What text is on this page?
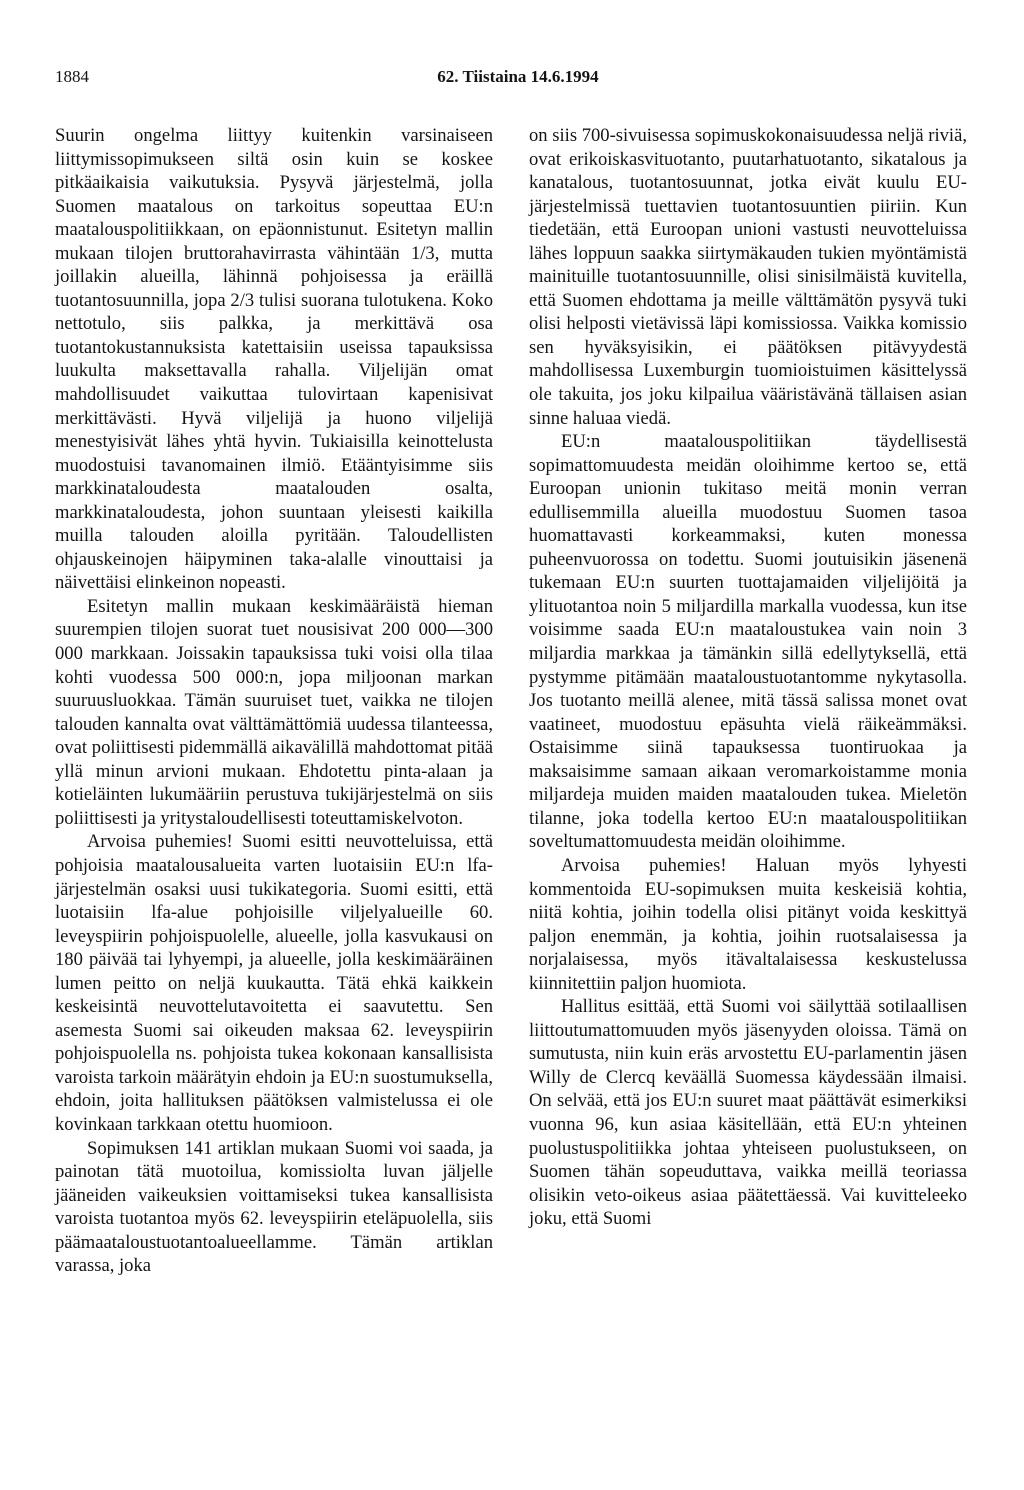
1884	62. Tiistaina 14.6.1994

Suurin ongelma liittyy kuitenkin varsinaiseen liittymissopimukseen siltä osin kuin se koskee pitkäaikaisia vaikutuksia. Pysyvä järjestelmä, jolla Suomen maatalous on tarkoitus sopeuttaa EU:n maatalouspolitiikkaan, on epäonnistunut. Esitetyn mallin mukaan tilojen bruttorahavirrasta vähintään 1/3, mutta joillakin alueilla, lähinnä pohjoisessa ja eräillä tuotantosuunnilla, jopa 2/3 tulisi suorana tulotukena. Koko nettotulo, siis palkka, ja merkittävä osa tuotantokustannuksista katettaisiin useissa tapauksissa luukulta maksettavalla rahalla. Viljelijän omat mahdollisuudet vaikuttaa tulovirtaan kapenisivat merkittävästi. Hyvä viljelijä ja huono viljelijä menestyisivät lähes yhtä hyvin. Tukiaisilla keinottelusta muodostuisi tavanomainen ilmiö. Etääntyisimme siis markkinataloudesta maatalouden osalta, markkinataloudesta, johon suuntaan yleisesti kaikilla muilla talouden aloilla pyritään. Taloudellisten ohjauskeinojen häipyminen taka-alalle vinouttaisi ja näivettäisi elinkeinon nopeasti.

Esitetyn mallin mukaan keskimääräistä hieman suurempien tilojen suorat tuet nousisivat 200 000—300 000 markkaan. Joissakin tapauksissa tuki voisi olla tilaa kohti vuodessa 500 000:n, jopa miljoonan markan suuruusluokkaa. Tämän suuruiset tuet, vaikka ne tilojen talouden kannalta ovat välttämättömiä uudessa tilanteessa, ovat poliittisesti pidemmällä aikavälillä mahdottomat pitää yllä minun arvioni mukaan. Ehdotettu pinta-alaan ja kotieläinten lukumääriin perustuva tukijärjestelmä on siis poliittisesti ja yritystaloudellisesti toteuttamiskelvoton.

Arvoisa puhemies! Suomi esitti neuvotteluissa, että pohjoisia maatalousalueita varten luotaisiin EU:n lfa-järjestelmän osaksi uusi tukikategoria. Suomi esitti, että luotaisiin lfa-alue pohjoisille viljelyalueille 60. leveyspiirin pohjoispuolelle, alueelle, jolla kasvukausi on 180 päivää tai lyhyempi, ja alueelle, jolla keskimääräinen lumen peitto on neljä kuukautta. Tätä ehkä kaikkein keskeisintä neuvottelutavoitetta ei saavutettu. Sen asemesta Suomi sai oikeuden maksaa 62. leveyspiirin pohjoispuolella ns. pohjoista tukea kokonaan kansallisista varoista tarkoin määrätyin ehdoin ja EU:n suostumuksella, ehdoin, joita hallituksen päätöksen valmistelussa ei ole kovinkaan tarkkaan otettu huomioon.

Sopimuksen 141 artiklan mukaan Suomi voi saada, ja painotan tätä muotoilua, komissiolta luvan jäljelle jääneiden vaikeuksien voittamiseksi tukea kansallisista varoista tuotantoa myös 62. leveyspiirin eteläpuolella, siis päämaataloustuotantoalueellamme. Tämän artiklan varassa, joka

on siis 700-sivuisessa sopimuskokonaisuudessa neljä riviä, ovat erikoiskasvituotanto, puutarhatuotanto, sikatalous ja kanatalous, tuotantosuunnat, jotka eivät kuulu EU-järjestelmissä tuettavien tuotantosuuntien piiriin. Kun tiedetään, että Euroopan unioni vastusti neuvotteluissa lähes loppuun saakka siirtymäkauden tukien myöntämistä mainituille tuotantosuunnille, olisi sinisilmäistä kuvitella, että Suomen ehdottama ja meille välttämätön pysyvä tuki olisi helposti vietävissä läpi komissiossa. Vaikka komissio sen hyväksyisikin, ei päätöksen pitävyydestä mahdollisessa Luxemburgin tuomioistuimen käsittelyssä ole takuita, jos joku kilpailua vääristävänä tällaisen asian sinne haluaa viedä.

EU:n maatalouspolitiikan täydellisestä sopimattomuudesta meidän oloihimme kertoo se, että Euroopan unionin tukitaso meitä monin verran edullisemmilla alueilla muodostuu Suomen tasoa huomattavasti korkeammaksi, kuten monessa puheenvuorossa on todettu. Suomi joutuisikin jäsenenä tukemaan EU:n suurten tuottajamaiden viljelijöitä ja ylituotantoa noin 5 miljardilla markalla vuodessa, kun itse voisimme saada EU:n maataloustukea vain noin 3 miljardia markkaa ja tämänkin sillä edellytyksellä, että pystymme pitämään maataloustuotantomme nykytasolla. Jos tuotanto meillä alenee, mitä tässä salissa monet ovat vaatineet, muodostuu epäsuhta vielä räikeämmäksi. Ostaisimme siinä tapauksessa tuontiruokaa ja maksaisimme samaan aikaan veromarkoistamme monia miljardeja muiden maiden maatalouden tukea. Mieletön tilanne, joka todella kertoo EU:n maatalouspolitiikan soveltumattomuudesta meidän oloihimme.

Arvoisa puhemies! Haluan myös lyhyesti kommentoida EU-sopimuksen muita keskeisiä kohtia, niitä kohtia, joihin todella olisi pitänyt voida keskittyä paljon enemmän, ja kohtia, joihin ruotsalaisessa ja norjalaisessa, myös itävaltalaisessa keskustelussa kiinnitettiin paljon huomiota.

Hallitus esittää, että Suomi voi säilyttää sotilaallisen liittoutumattomuuden myös jäsenyyden oloissa. Tämä on sumutusta, niin kuin eräs arvostettu EU-parlamentin jäsen Willy de Clercq keväällä Suomessa käydessään ilmaisi. On selvää, että jos EU:n suuret maat päättävät esimerkiksi vuonna 96, kun asiaa käsitellään, että EU:n yhteinen puolustuspolitiikka johtaa yhteiseen puolustukseen, on Suomen tähän sopeuduttava, vaikka meillä teoriassa olisikin veto-oikeus asiaa päätettäessä. Vai kuvitteleeko joku, että Suomi
